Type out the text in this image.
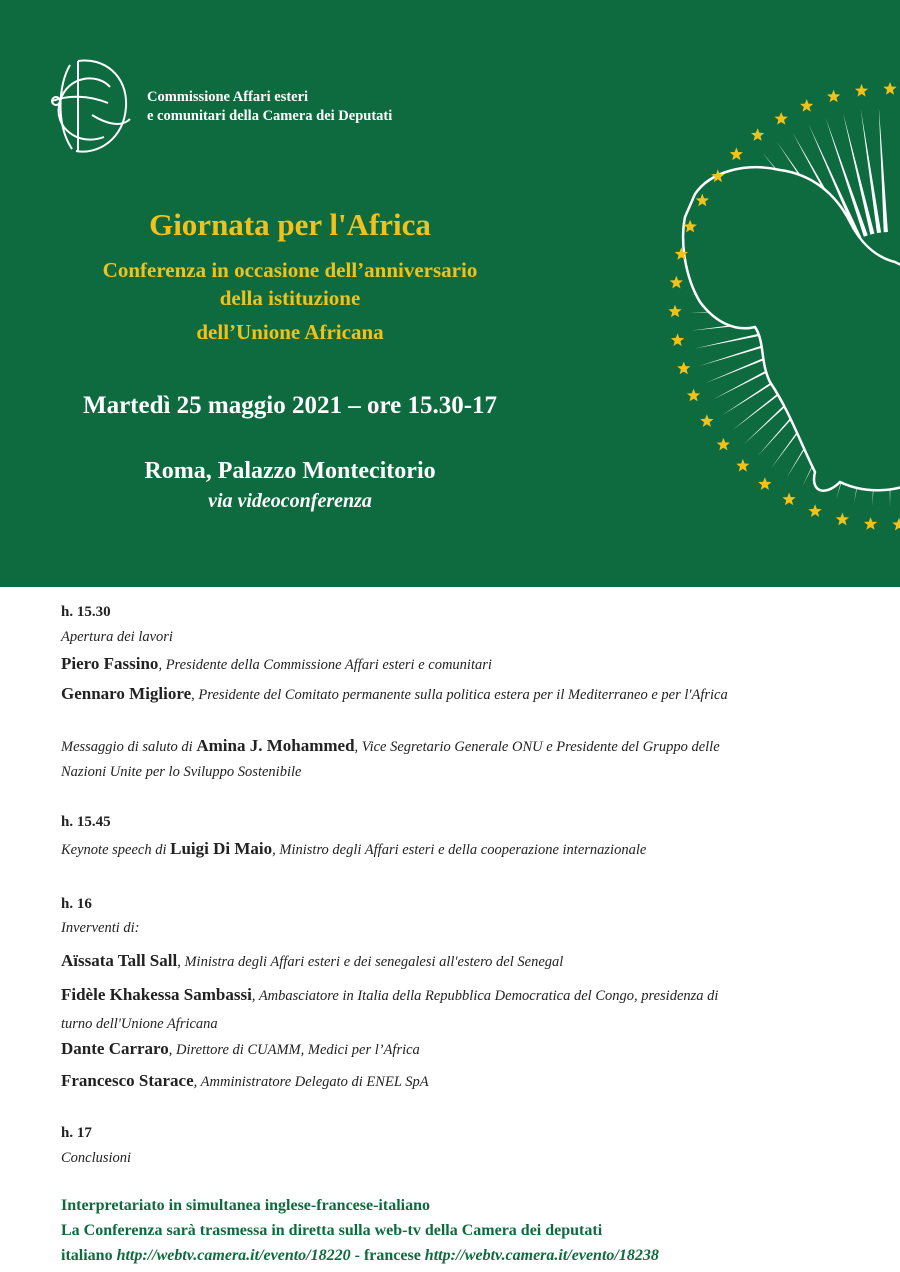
Commissione Affari esteri
e comunitari della Camera dei Deputati
Giornata per l'Africa
Conferenza in occasione dell’anniversario
della istituzione
dell’Unione Africana
Martedì 25 maggio 2021 – ore 15.30-17
Roma, Palazzo Montecitorio
via videoconferenza
h. 15.30
Apertura dei lavori
Piero Fassino, Presidente della Commissione Affari esteri e comunitari
Gennaro Migliore, Presidente del Comitato permanente sulla politica estera per il Mediterraneo e per l'Africa
Messaggio di saluto di Amina J. Mohammed, Vice Segretario Generale ONU e Presidente del Gruppo delle
Nazioni Unite per lo Sviluppo Sostenibile
h. 15.45
Keynote speech di Luigi Di Maio, Ministro degli Affari esteri e della cooperazione internazionale
h. 16
Inverventi di:
Aïssata Tall Sall, Ministra degli Affari esteri e dei senegalesi all'estero del Senegal
Fidèle Khakessa Sambassi, Ambasciatore in Italia della Repubblica Democratica del Congo, presidenza di
turno dell'Unione Africana
Dante Carraro, Direttore di CUAMM, Medici per l’Africa
Francesco Starace, Amministratore Delegato di ENEL SpA
h. 17
Conclusioni
Interpretariato in simultanea inglese-francese-italiano
La Conferenza sarà trasmessa in diretta sulla web-tv della Camera dei deputati
italiano http://webtv.camera.it/evento/18220 - francese http://webtv.camera.it/evento/18238
